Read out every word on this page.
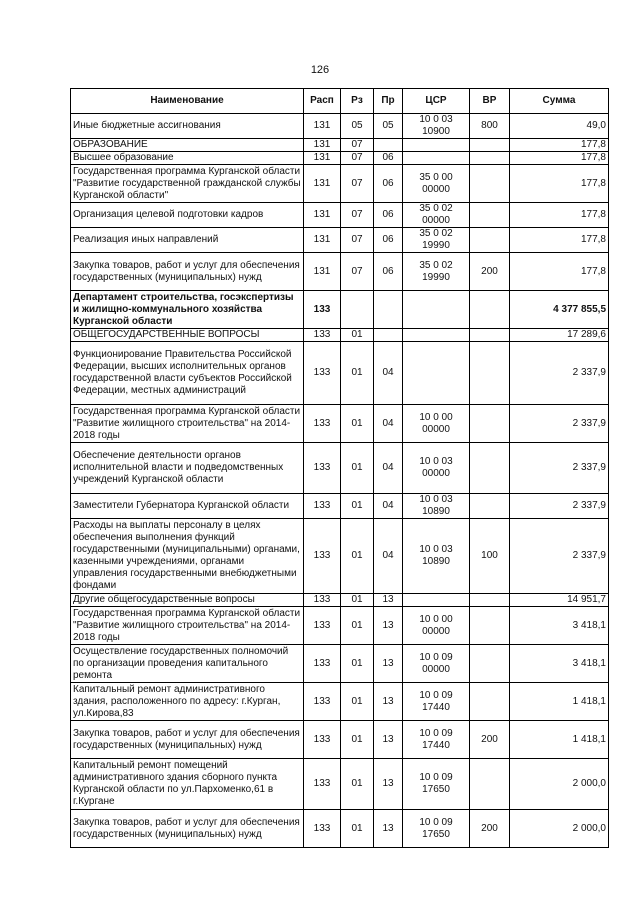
126
Наименование	Расп	Рз	Пр	ЦСР	ВР	Сумма
Иные бюджетные ассигнования	131	05	05	10 0 03 10900	800	49,0
ОБРАЗОВАНИЕ	131	07				177,8
Высшее образование	131	07	06			177,8
Государственная программа Курганской области "Развитие государственной гражданской службы Курганской области"	131	07	06	35 0 00 00000		177,8
Организация целевой подготовки кадров	131	07	06	35 0 02 00000		177,8
Реализация иных направлений	131	07	06	35 0 02 19990		177,8
Закупка товаров, работ и услуг для обеспечения государственных (муниципальных) нужд	131	07	06	35 0 02 19990	200	177,8
Департамент строительства, госэкспертизы и жилищно-коммунального хозяйства Курганской области	133					4 377 855,5
ОБЩЕГОСУДАРСТВЕННЫЕ ВОПРОСЫ	133	01				17 289,6
Функционирование Правительства Российской Федерации, высших исполнительных органов государственной власти субъектов Российской Федерации, местных администраций	133	01	04			2 337,9
Государственная программа Курганской области "Развитие жилищного строительства" на 2014-2018 годы	133	01	04	10 0 00 00000		2 337,9
Обеспечение деятельности органов исполнительной власти и подведомственных учреждений Курганской области	133	01	04	10 0 03 00000		2 337,9
Заместители Губернатора Курганской области	133	01	04	10 0 03 10890		2 337,9
Расходы на выплаты персоналу в целях обеспечения выполнения функций государственными (муниципальными) органами, казенными учреждениями, органами управления государственными внебюджетными фондами	133	01	04	10 0 03 10890	100	2 337,9
Другие общегосударственные вопросы	133	01	13			14 951,7
Государственная программа Курганской области "Развитие жилищного строительства" на 2014-2018 годы	133	01	13	10 0 00 00000		3 418,1
Осуществление государственных полномочий по организации проведения капитального ремонта	133	01	13	10 0 09 00000		3 418,1
Капитальный ремонт административного здания, расположенного по адресу: г.Курган, ул.Кирова,83	133	01	13	10 0 09 17440		1 418,1
Закупка товаров, работ и услуг для обеспечения государственных (муниципальных) нужд	133	01	13	10 0 09 17440	200	1 418,1
Капитальный ремонт помещений административного здания сборного пункта Курганской области по ул.Пархоменко,61 в г.Кургане	133	01	13	10 0 09 17650		2 000,0
Закупка товаров, работ и услуг для обеспечения государственных (муниципальных) нужд	133	01	13	10 0 09 17650	200	2 000,0
